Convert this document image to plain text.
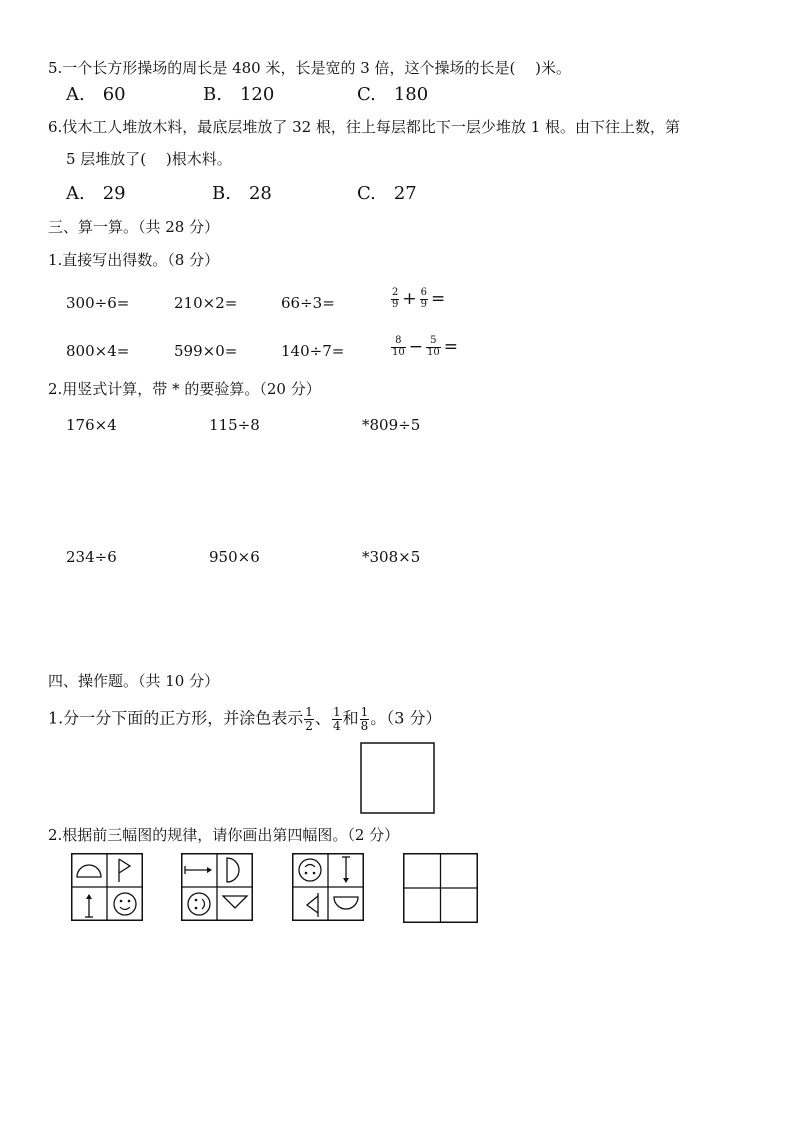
5.一个长方形操场的周长是 480 米，长是宽的 3 倍，这个操场的长是(　 )米。
A.　60	B.　120	C.　180
6.伐木工人堆放木料，最底层堆放了 32 根，往上每层都比下一层少堆放 1 根。由下往上数，第
5 层堆放了(　 )根木料。
A.　29	B.　28	C.　27
三、算一算。（共 28 分）
1.直接写出得数。（8 分）
300÷6=	210×2=	66÷3=	$\frac{2}{9} + \frac{6}{9}$ =
800×4=	599×0=	140÷7=	$\frac{8}{10} - \frac{5}{10}$ =
2.用竖式计算，带 * 的要验算。（20 分）
176×4	115÷8	*809÷5
234÷6	950×6	*308×5
四、操作题。（共 10 分）
1.分一分下面的正方形，并涂色表示 $\frac{1}{2}$ 、 $\frac{1}{4}$ 和 $\frac{1}{8}$ 。（3 分）
2.根据前三幅图的规律，请你画出第四幅图。（2 分）
